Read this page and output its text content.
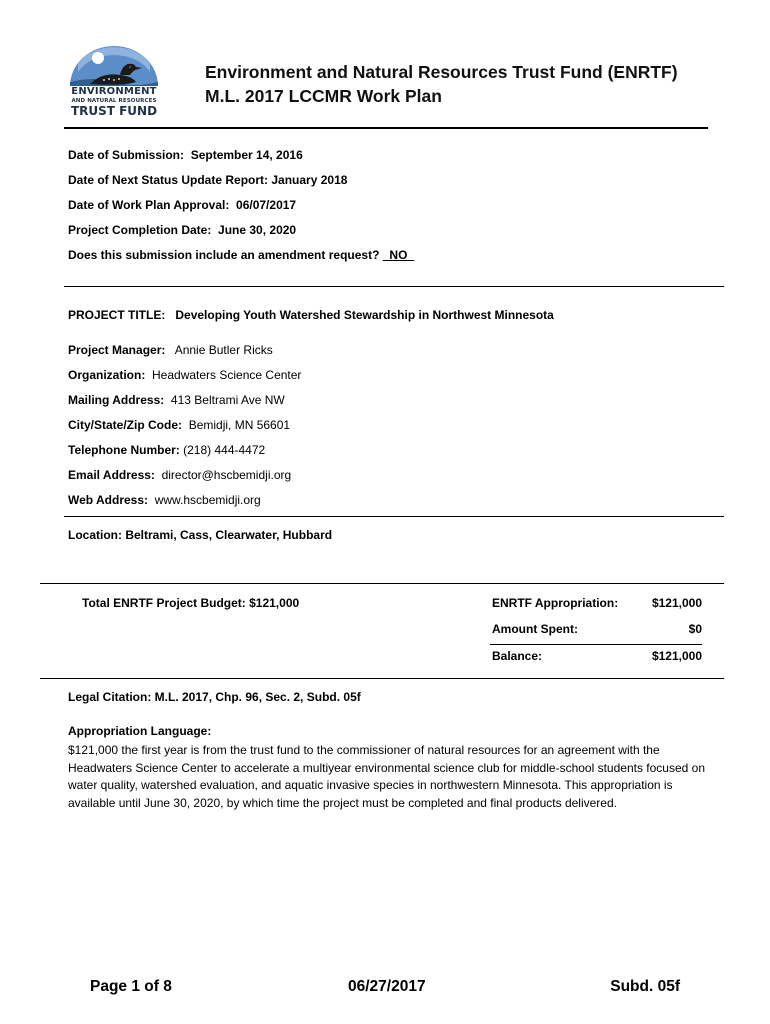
ENVIRONMENT
AND NATURAL RESOURCES
TRUST FUND
Environment and Natural Resources Trust Fund (ENRTF)
M.L. 2017 LCCMR Work Plan
Date of Submission: September 14, 2016
Date of Next Status Update Report: January 2018
Date of Work Plan Approval: 06/07/2017
Project Completion Date: June 30, 2020
Does this submission include an amendment request? _NO_
PROJECT TITLE: Developing Youth Watershed Stewardship in Northwest Minnesota
Project Manager: Annie Butler Ricks
Organization: Headwaters Science Center
Mailing Address: 413 Beltrami Ave NW
City/State/Zip Code: Bemidji, MN 56601
Telephone Number: (218) 444-4472
Email Address: director@hscbemidji.org
Web Address: www.hscbemidji.org
Location: Beltrami, Cass, Clearwater, Hubbard
Total ENRTF Project Budget: $121,000	ENRTF Appropriation:	$121,000
Amount Spent:	$0
Balance:	$121,000
Legal Citation: M.L. 2017, Chp. 96, Sec. 2, Subd. 05f
Appropriation Language:
$121,000 the first year is from the trust fund to the commissioner of natural resources for an agreement with the Headwaters Science Center to accelerate a multiyear environmental science club for middle-school students focused on water quality, watershed evaluation, and aquatic invasive species in northwestern Minnesota. This appropriation is available until June 30, 2020, by which time the project must be completed and final products delivered.
Page 1 of 8	06/27/2017	Subd. 05f
